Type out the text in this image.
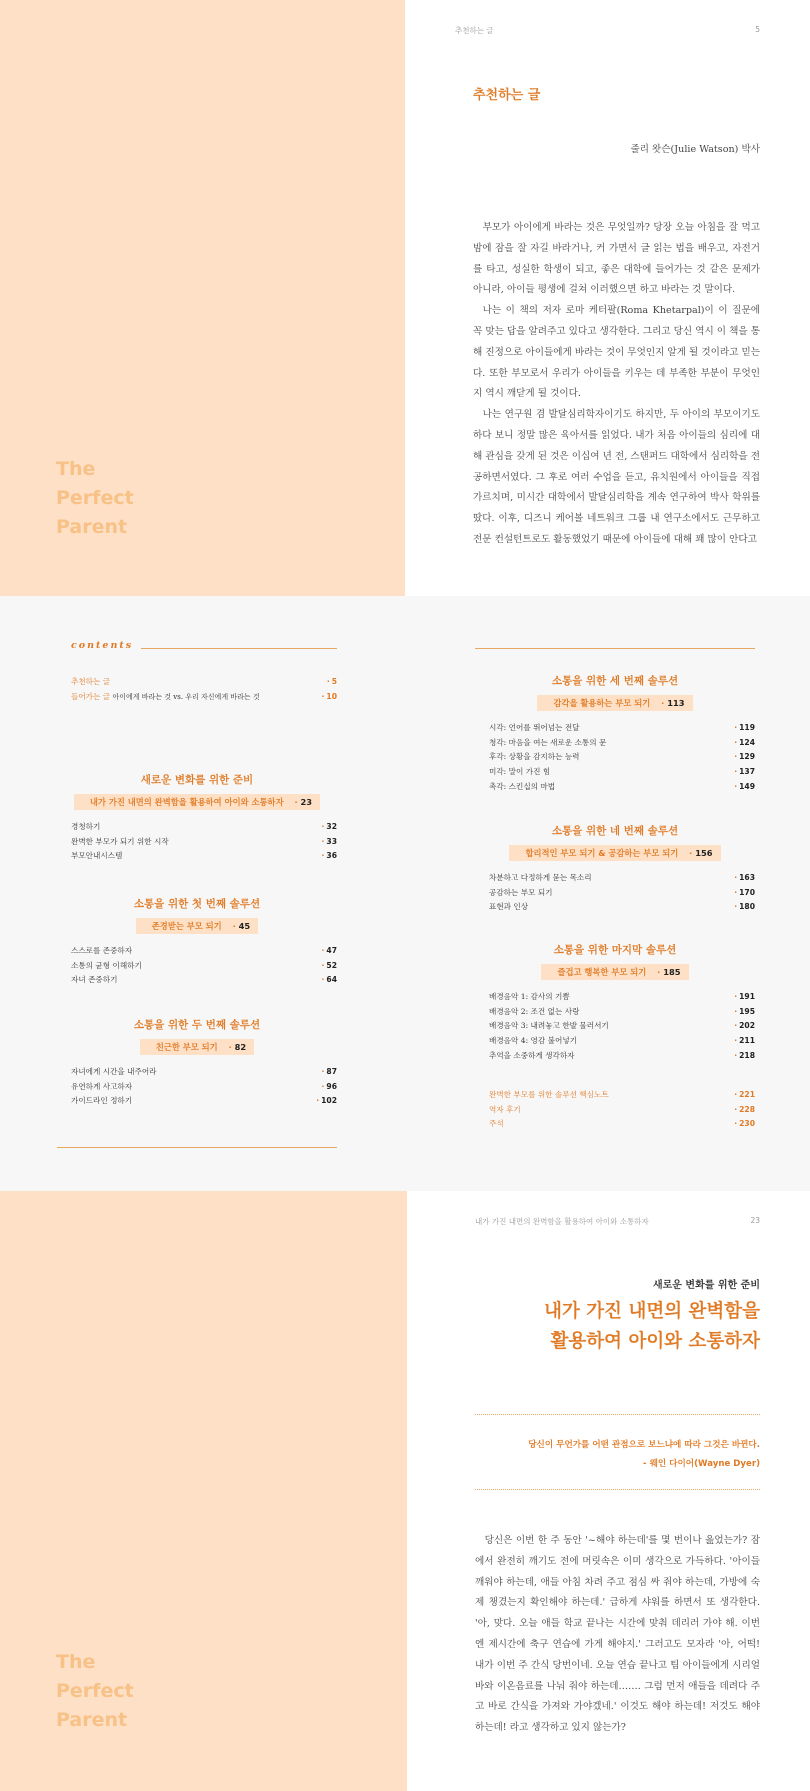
The
Perfect
Parent
추천하는 글	5
추천하는 글
줄리 왓슨(Julie Watson) 박사

부모가 아이에게 바라는 것은 무엇일까? 당장 오늘 아침을 잘 먹고 밤에 잠을 잘 자길 바라거나, 커 가면서 글 읽는 법을 배우고, 자전거를 타고, 성실한 학생이 되고, 좋은 대학에 들어가는 것 같은 문제가 아니라, 아이들 평생에 걸쳐 이러했으면 하고 바라는 것 말이다.

나는 이 책의 저자 로마 케터팔(Roma Khetarpal)이 이 질문에 꼭 맞는 답을 알려주고 있다고 생각한다. 그리고 당신 역시 이 책을 통해 진정으로 아이들에게 바라는 것이 무엇인지 알게 될 것이라고 믿는다. 또한 부모로서 우리가 아이들을 키우는 데 부족한 부분이 무엇인지 역시 깨닫게 될 것이다.

나는 연구원 겸 발달심리학자이기도 하지만, 두 아이의 부모이기도 하다 보니 정말 많은 육아서를 읽었다. 내가 처음 아이들의 심리에 대해 관심을 갖게 된 것은 이십여 년 전, 스탠퍼드 대학에서 심리학을 전공하면서였다. 그 후로 여러 수업을 듣고, 유치원에서 아이들을 직접 가르치며, 미시간 대학에서 발달심리학을 계속 연구하여 박사 학위를 땄다. 이후, 디즈니 케어볼 네트워크 그룹 내 연구소에서도 근무하고 전문 컨설턴트로도 활동했었기 때문에 아이들에 대해 꽤 많이 안다고

contents
추천하는 글	· 5
들어가는 글 아이에게 바라는 것 vs. 우리 자신에게 바라는 것	· 10
새로운 변화를 위한 준비
내가 가진 내면의 완벽함을 활용하여 아이와 소통하자 · 23
경청하기	· 32
완벽한 부모가 되기 위한 시작	· 33
부모안내시스템	· 36
소통을 위한 첫 번째 솔루션
존경받는 부모 되기 · 45
스스로를 존중하자	· 47
소통의 균형 이해하기	· 52
자녀 존중하기	· 64
소통을 위한 두 번째 솔루션
친근한 부모 되기 · 82
자녀에게 시간을 내주어라	· 87
유연하게 사고하자	· 96
가이드라인 정하기	· 102
소통을 위한 세 번째 솔루션
감각을 활용하는 부모 되기 · 113
시각: 언어를 뛰어넘는 전달	· 119
청각: 마음을 여는 새로운 소통의 문	· 124
후각: 상황을 감지하는 능력	· 129
미각: 말이 가진 힘	· 137
촉각: 스킨십의 마법	· 149
소통을 위한 네 번째 솔루션
합리적인 부모 되기 & 공감하는 부모 되기 · 156
차분하고 다정하게 묻는 목소리	· 163
공감하는 부모 되기	· 170
표현과 인상	· 180
소통을 위한 마지막 솔루션
즐겁고 행복한 부모 되기 · 185
배경음악 1: 감사의 기쁨	· 191
배경음악 2: 조건 없는 사랑	· 195
배경음악 3: 내려놓고 한발 물러서기	· 202
배경음악 4: 영감 불어넣기	· 211
추억을 소중하게 생각하자	· 218
완벽한 부모를 위한 솔루션 핵심노트	· 221
역자 후기	· 228
주석	· 230
The
Perfect
Parent
내가 가진 내면의 완벽함을 활용하여 아이와 소통하자	23
새로운 변화를 위한 준비
내가 가진 내면의 완벽함을
활용하여 아이와 소통하자
당신이 무언가를 어떤 관점으로 보느냐에 따라 그것은 바뀐다.
- 웨인 다이어(Wayne Dyer)

당신은 이번 한 주 동안 '~해야 하는데'를 몇 번이나 읊었는가? 잠에서 완전히 깨기도 전에 머릿속은 이미 생각으로 가득하다. '아이들 깨워야 하는데, 애들 아침 차려 주고 점심 싸 줘야 하는데, 가방에 숙제 챙겼는지 확인해야 하는데.' 급하게 샤워를 하면서 또 생각한다. '아, 맞다. 오늘 애들 학교 끝나는 시간에 맞춰 데리러 가야 해. 이번엔 제시간에 축구 연습에 가게 해야지.' 그러고도 모자라 '아, 어떡! 내가 이번 주 간식 당번이네. 오늘 연습 끝나고 팀 아이들에게 시리얼 바와 이온음료를 나눠 줘야 하는데……. 그럼 먼저 애들을 데려다 주고 바로 간식을 가져와 가야겠네.' 이것도 해야 하는데! 저것도 해야 하는데! 라고 생각하고 있지 않는가?
